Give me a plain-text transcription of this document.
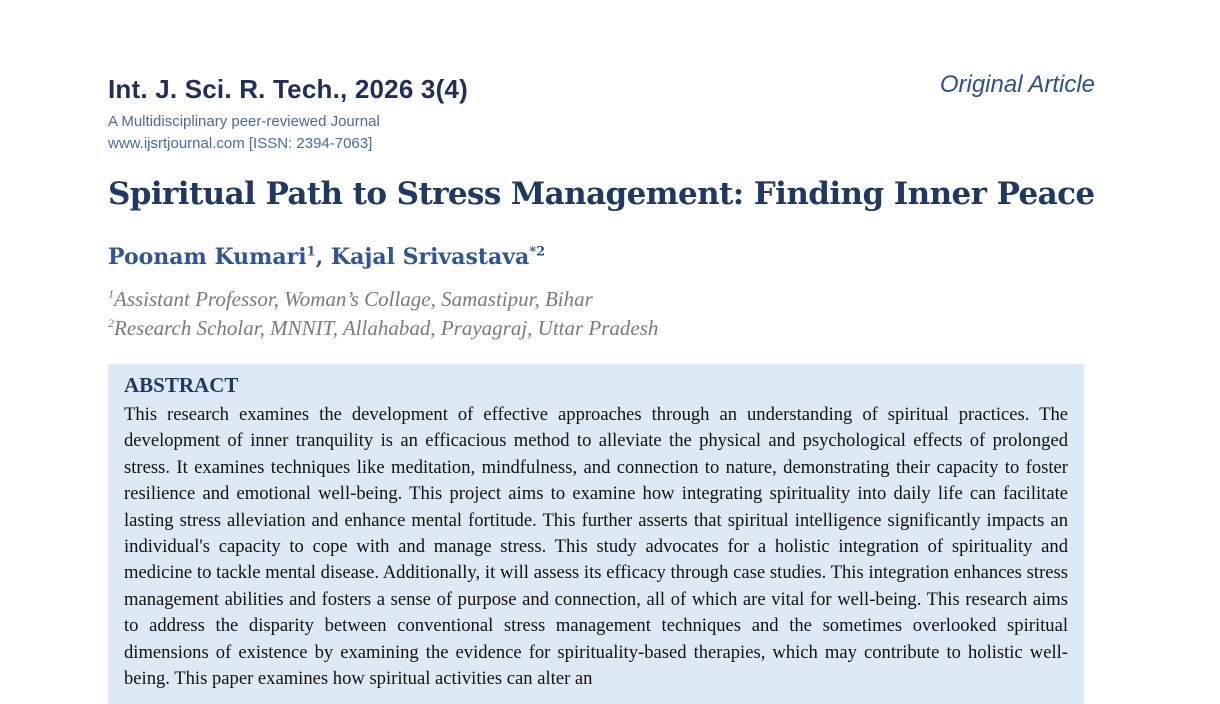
Int. J. Sci. R. Tech., 2026 3(4)	Original Article
A Multidisciplinary peer-reviewed Journal
www.ijsrtjournal.com [ISSN: 2394-7063]
Spiritual Path to Stress Management: Finding Inner Peace
Poonam Kumari$^1$, Kajal Srivastava$^{*2}$
$^1$Assistant Professor, Woman’s Collage, Samastipur, Bihar
$^2$Research Scholar, MNNIT, Allahabad, Prayagraj, Uttar Pradesh
ABSTRACT

This research examines the development of effective approaches through an understanding of spiritual practices. The development of inner tranquility is an efficacious method to alleviate the physical and psychological effects of prolonged stress. It examines techniques like meditation, mindfulness, and connection to nature, demonstrating their capacity to foster resilience and emotional well-being. This project aims to examine how integrating spirituality into daily life can facilitate lasting stress alleviation and enhance mental fortitude. This further asserts that spiritual intelligence significantly impacts an individual's capacity to cope with and manage stress. This study advocates for a holistic integration of spirituality and medicine to tackle mental disease. Additionally, it will assess its efficacy through case studies. This integration enhances stress management abilities and fosters a sense of purpose and connection, all of which are vital for well-being. This research aims to address the disparity between conventional stress management techniques and the sometimes overlooked spiritual dimensions of existence by examining the evidence for spirituality-based therapies, which may contribute to holistic well-being. This paper examines how spiritual activities can alter an
